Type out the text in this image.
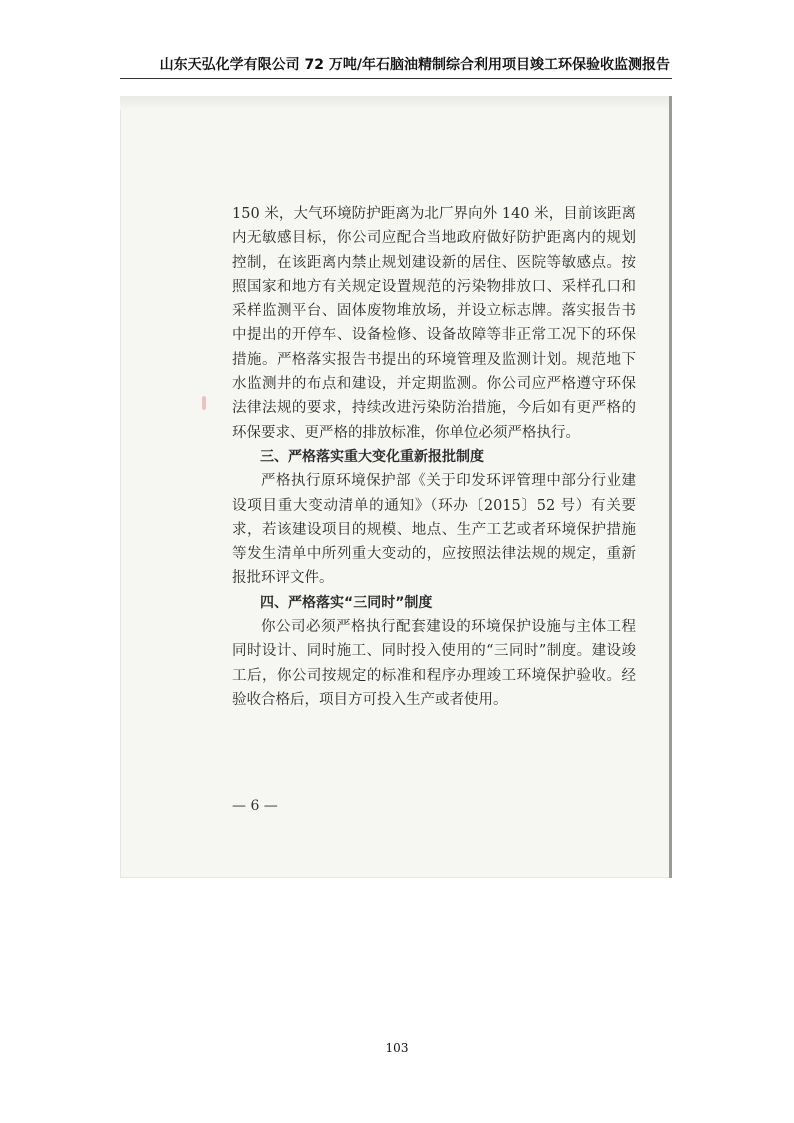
山东天弘化学有限公司 72 万吨/年石脑油精制综合利用项目竣工环保验收监测报告

150 米，大气环境防护距离为北厂界向外 140 米，目前该距离内无敏感目标，你公司应配合当地政府做好防护距离内的规划控制，在该距离内禁止规划建设新的居住、医院等敏感点。按照国家和地方有关规定设置规范的污染物排放口、采样孔口和采样监测平台、固体废物堆放场，并设立标志牌。落实报告书中提出的开停车、设备检修、设备故障等非正常工况下的环保措施。严格落实报告书提出的环境管理及监测计划。规范地下水监测井的布点和建设，并定期监测。你公司应严格遵守环保法律法规的要求，持续改进污染防治措施，今后如有更严格的环保要求、更严格的排放标准，你单位必须严格执行。

三、严格落实重大变化重新报批制度

严格执行原环境保护部《关于印发环评管理中部分行业建设项目重大变动清单的通知》（环办〔2015〕52 号）有关要求，若该建设项目的规模、地点、生产工艺或者环境保护措施等发生清单中所列重大变动的，应按照法律法规的规定，重新报批环评文件。

四、严格落实“三同时”制度

你公司必须严格执行配套建设的环境保护设施与主体工程同时设计、同时施工、同时投入使用的“三同时”制度。建设竣工后，你公司按规定的标准和程序办理竣工环境保护验收。经验收合格后，项目方可投入生产或者使用。

— 6 —
103
